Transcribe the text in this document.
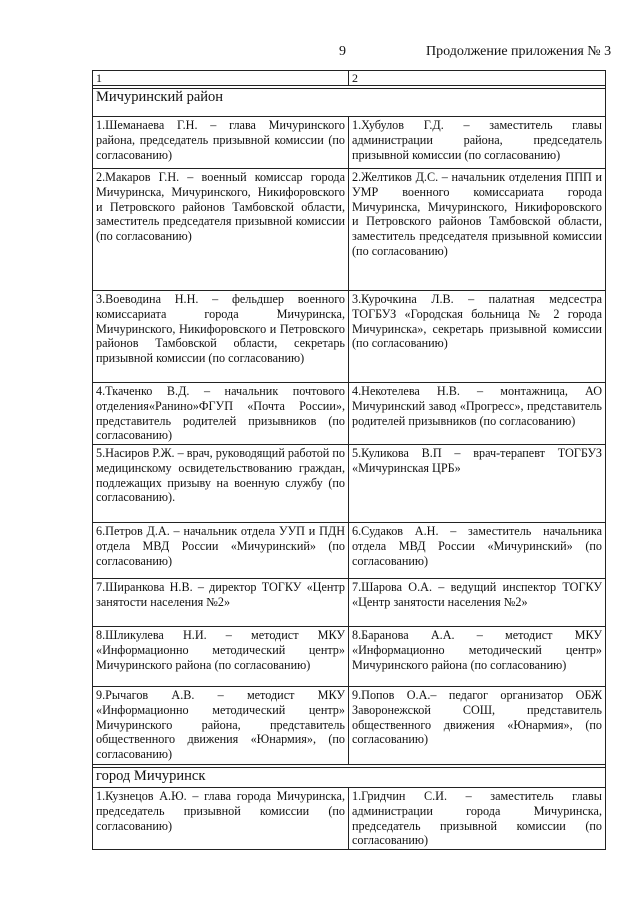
9	Продолжение приложения № 3
1	2

Мичуринский район	
1.Шеманаева Г.Н. – глава Мичуринского района, председатель призывной комиссии (по согласованию)	1.Хубулов Г.Д. – заместитель главы администрации района, председатель призывной комиссии (по согласованию)
2.Макаров Г.Н. – военный комиссар города Мичуринска, Мичуринского, Никифоровского и Петровского районов Тамбовской области, заместитель председателя призывной комиссии (по согласованию)	2.Желтиков Д.С. – начальник отделения ППП и УМР военного комиссариата города Мичуринска, Мичуринского, Никифоровского и Петровского районов Тамбовской области, заместитель председателя призывной комиссии (по согласованию)
3.Воеводина Н.Н. – фельдшер военного комиссариата города Мичуринска, Мичуринского, Никифоровского и Петровского районов Тамбовской области, секретарь призывной комиссии (по согласованию)	3.Курочкина Л.В. – палатная медсестра ТОГБУЗ «Городская больница № 2 города Мичуринска», секретарь призывной комиссии (по согласованию)
4.Ткаченко В.Д. – начальник почтового отделения«Ранино»ФГУП «Почта России», представитель родителей призывников (по согласованию)	4.Некотелева Н.В. – монтажница, АО Мичуринский завод «Прогресс», представитель родителей призывников (по согласованию)
5.Насиров Р.Ж. – врач, руководящий работой по медицинскому освидетельствованию граждан, подлежащих призыву на военную службу (по согласованию).	5.Куликова В.П – врач-терапевт ТОГБУЗ «Мичуринская ЦРБ»
6.Петров Д.А. – начальник отдела УУП и ПДН отдела МВД России «Мичуринский» (по согласованию)	6.Судаков А.Н. – заместитель начальника отдела МВД России «Мичуринский» (по согласованию)
7.Ширанкова Н.В. – директор ТОГКУ «Центр занятости населения №2»	7.Шарова О.А. – ведущий инспектор ТОГКУ «Центр занятости населения №2»
8.Шликулева Н.И. – методист МКУ «Информационно методический центр» Мичуринского района (по согласованию)	8.Баранова А.А. – методист МКУ «Информационно методический центр» Мичуринского района (по согласованию)
9.Рычагов А.В. – методист МКУ «Информационно методический центр» Мичуринского района, представитель общественного движения «Юнармия», (по согласованию)	9.Попов О.А.– педагог организатор ОБЖ Заворонежской СОШ, представитель общественного движения «Юнармия», (по согласованию)

город Мичуринск	
1.Кузнецов А.Ю. – глава города Мичуринска, председатель призывной комиссии (по согласованию)	1.Гридчин С.И. – заместитель главы администрации города Мичуринска, председатель призывной комиссии (по согласованию)
